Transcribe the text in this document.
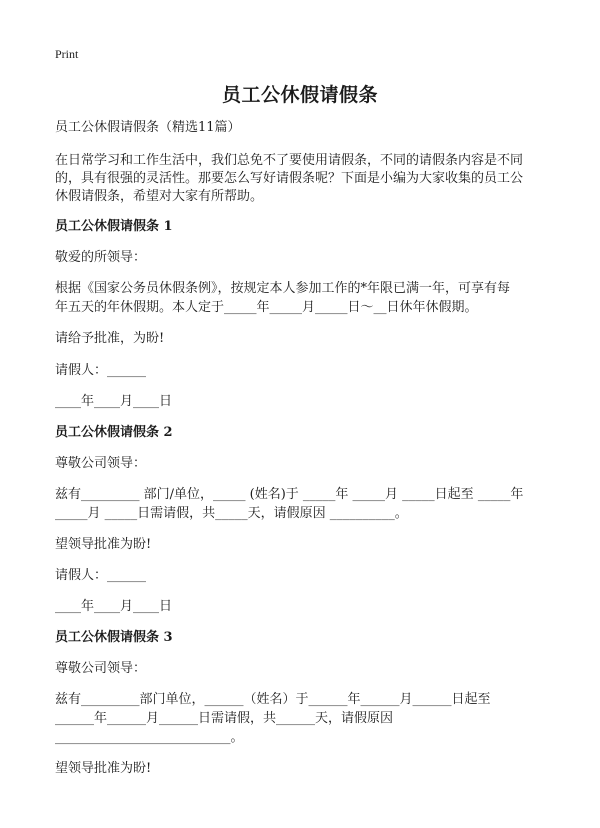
Print
员工公休假请假条
员工公休假请假条（精选11篇）
在日常学习和工作生活中，我们总免不了要使用请假条，不同的请假条内容是不同
的，具有很强的灵活性。那要怎么写好请假条呢？下面是小编为大家收集的员工公
休假请假条，希望对大家有所帮助。
员工公休假请假条 1
敬爱的所领导：
根据《国家公务员休假条例》，按规定本人参加工作的*年限已满一年，可享有每
年五天的年休假期。本人定于_____年_____月_____日～__日休年休假期。
请给予批准，为盼!
请假人：______
____年____月____日
员工公休假请假条 2
尊敬公司领导：
兹有_________ 部门/单位，_____ (姓名)于 _____年 _____月 _____日起至 _____年
_____月 _____日需请假，共_____天，请假原因 __________。
望领导批准为盼!
请假人：______
____年____月____日
员工公休假请假条 3
尊敬公司领导：
兹有_________部门单位，______（姓名）于______年______月______日起至
______年______月______日需请假，共______天，请假原因
___________________________。
望领导批准为盼!
